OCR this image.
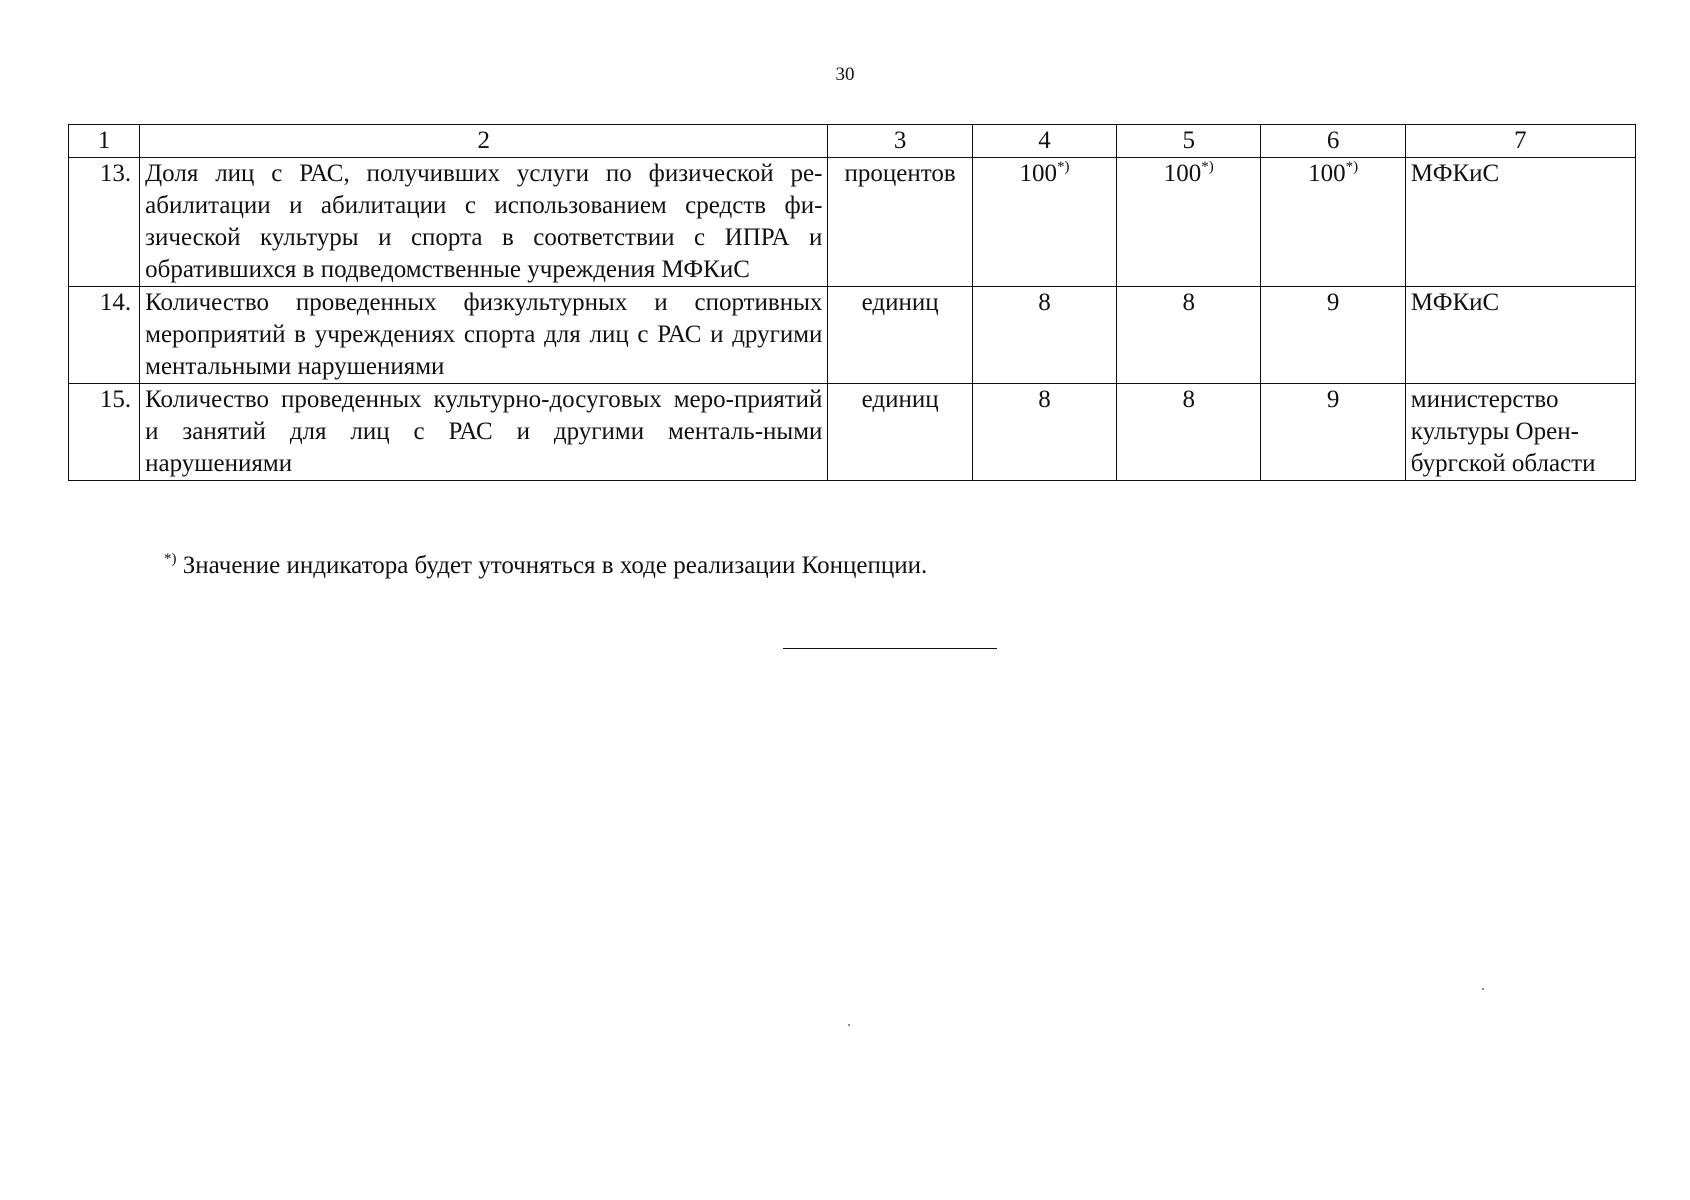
30
1	2	3	4	5	6	7
13.	Доля лиц с РАС, получивших услуги по физической ре-абилитации и абилитации с использованием средств фи-зической культуры и спорта в соответствии с ИПРА и обратившихся в подведомственные учреждения МФКиС	процентов	100*)	100*)	100*)	МФКиС
14.	Количество проведенных физкультурных и спортивных мероприятий в учреждениях спорта для лиц с РАС и другими ментальными нарушениями	единиц	8	8	9	МФКиС
15.	Количество проведенных культурно-досуговых меро-приятий и занятий для лиц с РАС и другими менталь-ными нарушениями	единиц	8	8	9	министерство культуры Орен-бургской области
*) Значение индикатора будет уточняться в ходе реализации Концепции.
